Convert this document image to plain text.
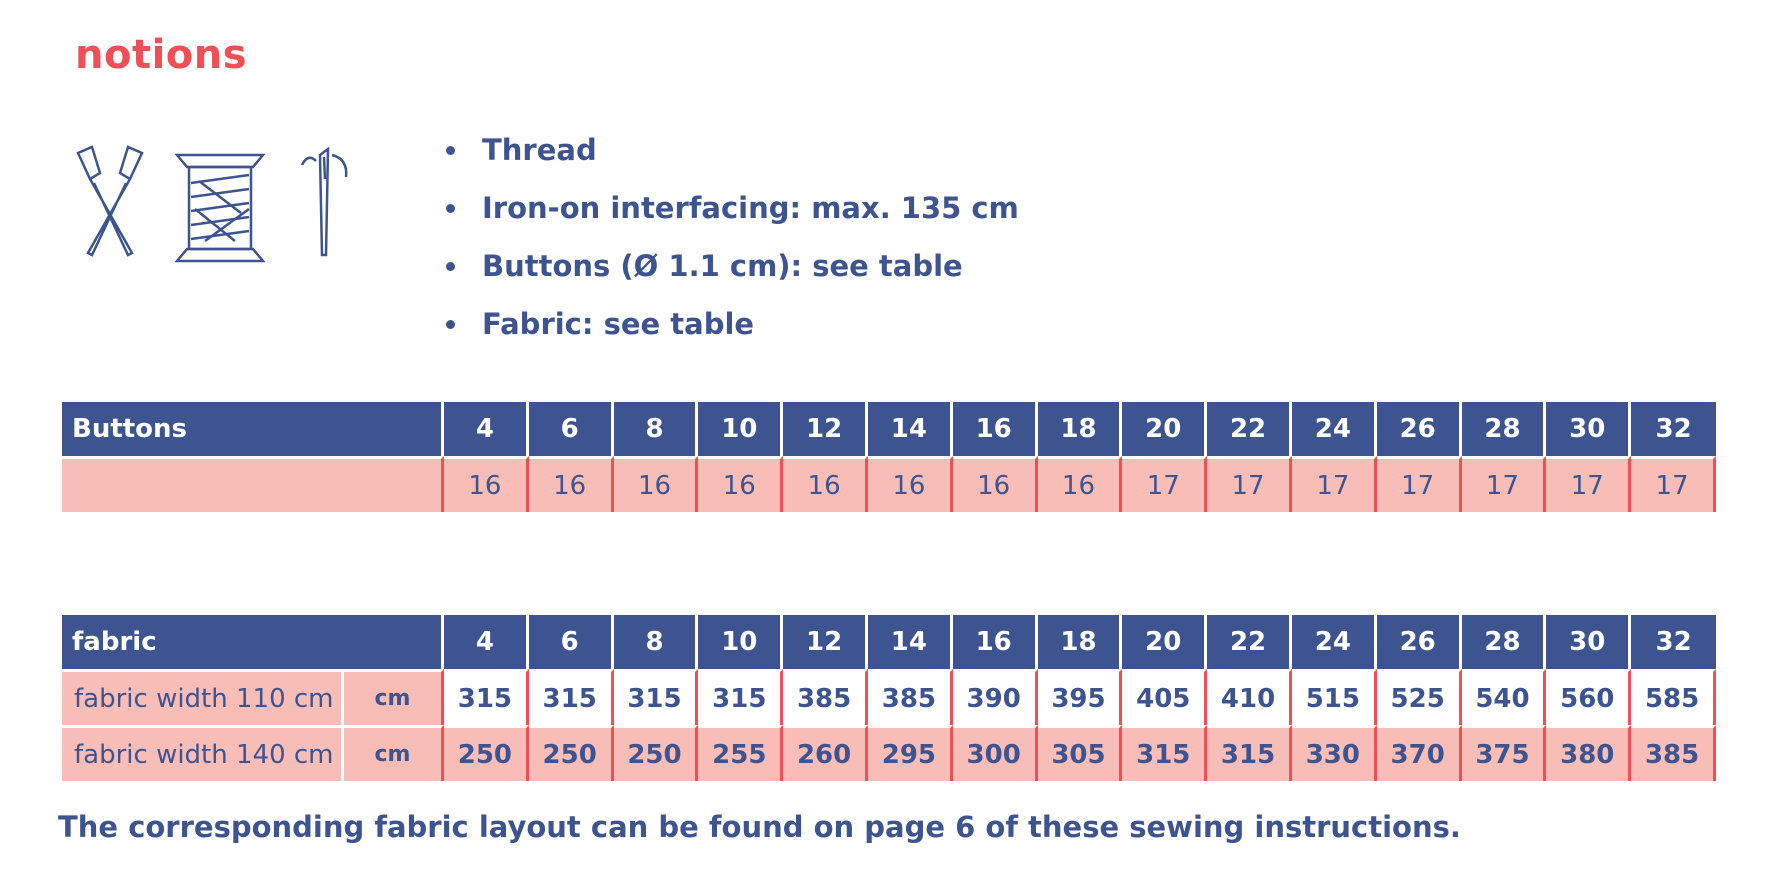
notions
Thread
Iron-on interfacing: max. 135 cm
Buttons (Ø 1.1 cm): see table
Fabric: see table
Buttons	4	6	8	10	12	14	16	18	20	22	24	26	28	30	32
	16	16	16	16	16	16	16	16	17	17	17	17	17	17	17
fabric		4	6	8	10	12	14	16	18	20	22	24	26	28	30	32
fabric width 110 cm	cm	315	315	315	315	385	385	390	395	405	410	515	525	540	560	585
fabric width 140 cm	cm	250	250	250	255	260	295	300	305	315	315	330	370	375	380	385
The corresponding fabric layout can be found on page 6 of these sewing instructions.
